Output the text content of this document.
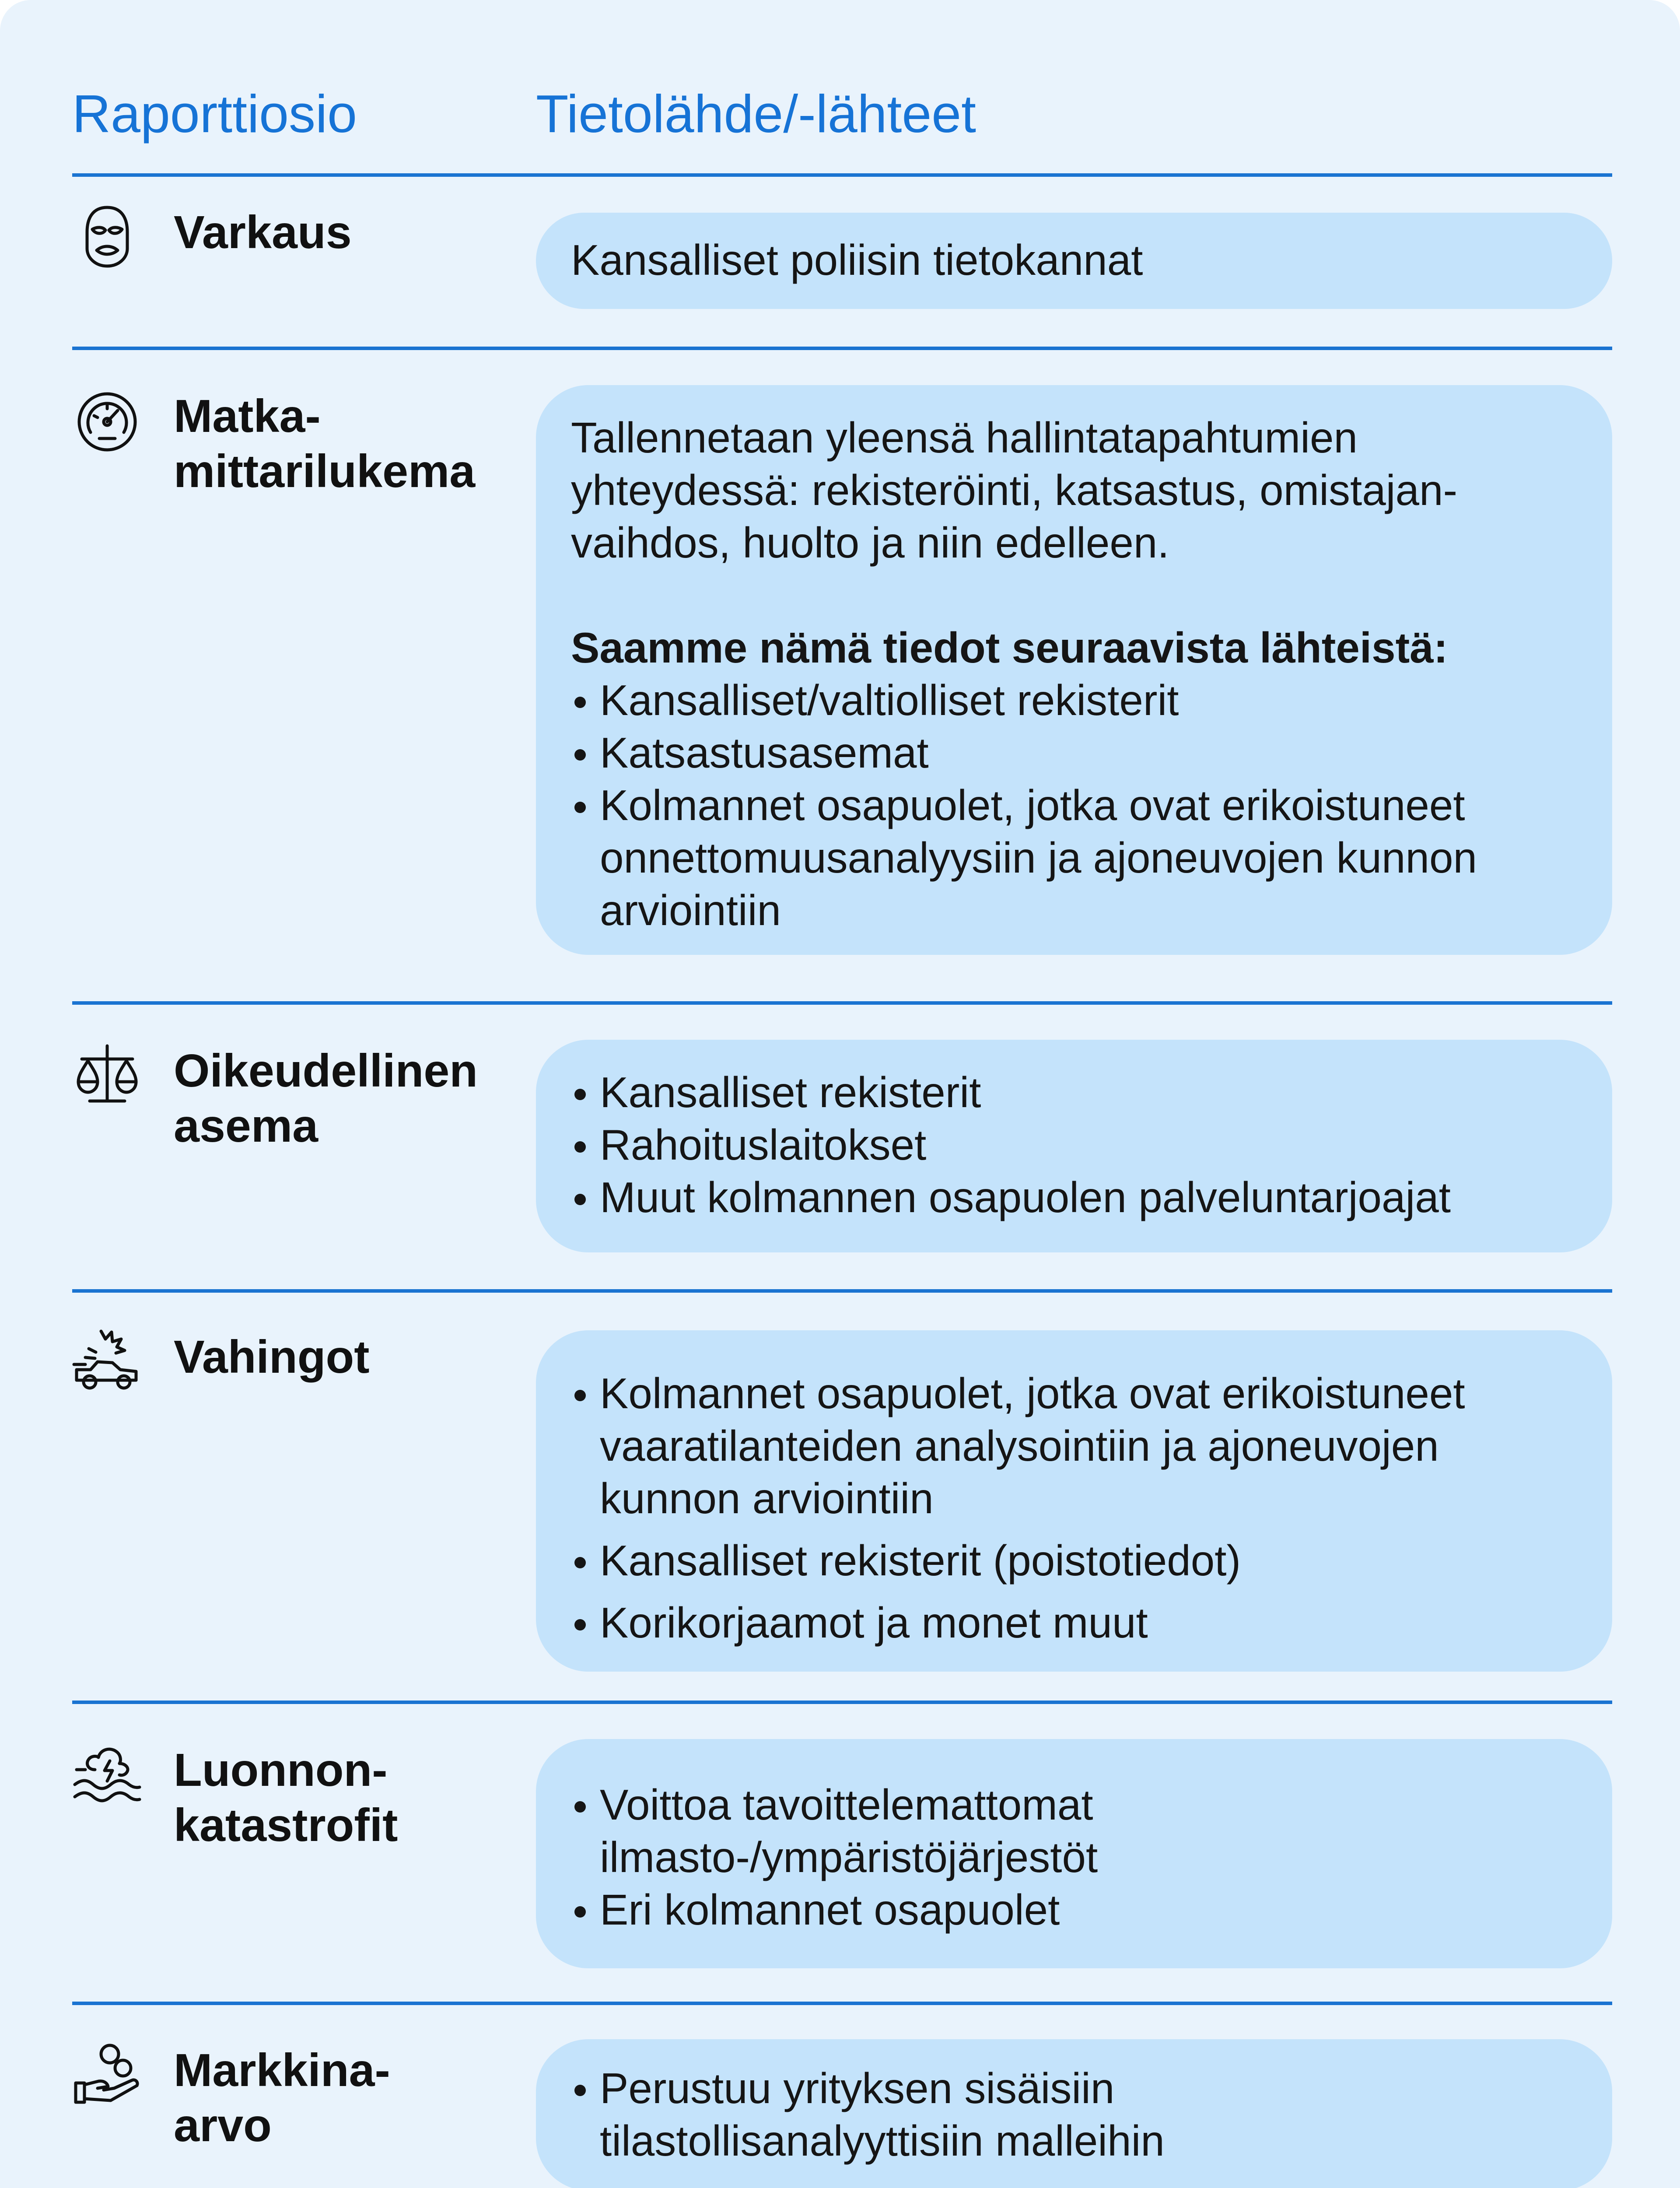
Raporttiosio	Tietolähde/-lähteet
Varkaus

Kansalliset poliisin tietokannat

Matka-
mittarilukema

Tallennetaan yleensä hallintatapahtumien
yhteydessä: rekisteröinti, katsastus, omistajan-
vaihdos, huolto ja niin edelleen.

Saamme nämä tiedot seuraavista lähteistä:

Kansalliset/valtiolliset rekisterit
Katsastusasemat
Kolmannet osapuolet, jotka ovat erikoistuneet
onnettomuusanalyysiin ja ajoneuvojen kunnon
arviointiin
Oikeudellinen
asema
Kansalliset rekisterit
Rahoituslaitokset
Muut kolmannen osapuolen palveluntarjoajat
Vahingot
Kolmannet osapuolet, jotka ovat erikoistuneet
vaaratilanteiden analysointiin ja ajoneuvojen
kunnon arviointiin
Kansalliset rekisterit (poistotiedot)
Korikorjaamot ja monet muut
Luonnon-
katastrofit	Voittoa tavoittelemattomat
ilmasto-/ympäristöjärjestöt
Eri kolmannet osapuolet
Markkina-
arvo
Perustuu yrityksen sisäisiin
tilastollisanalyyttisiin malleihin
